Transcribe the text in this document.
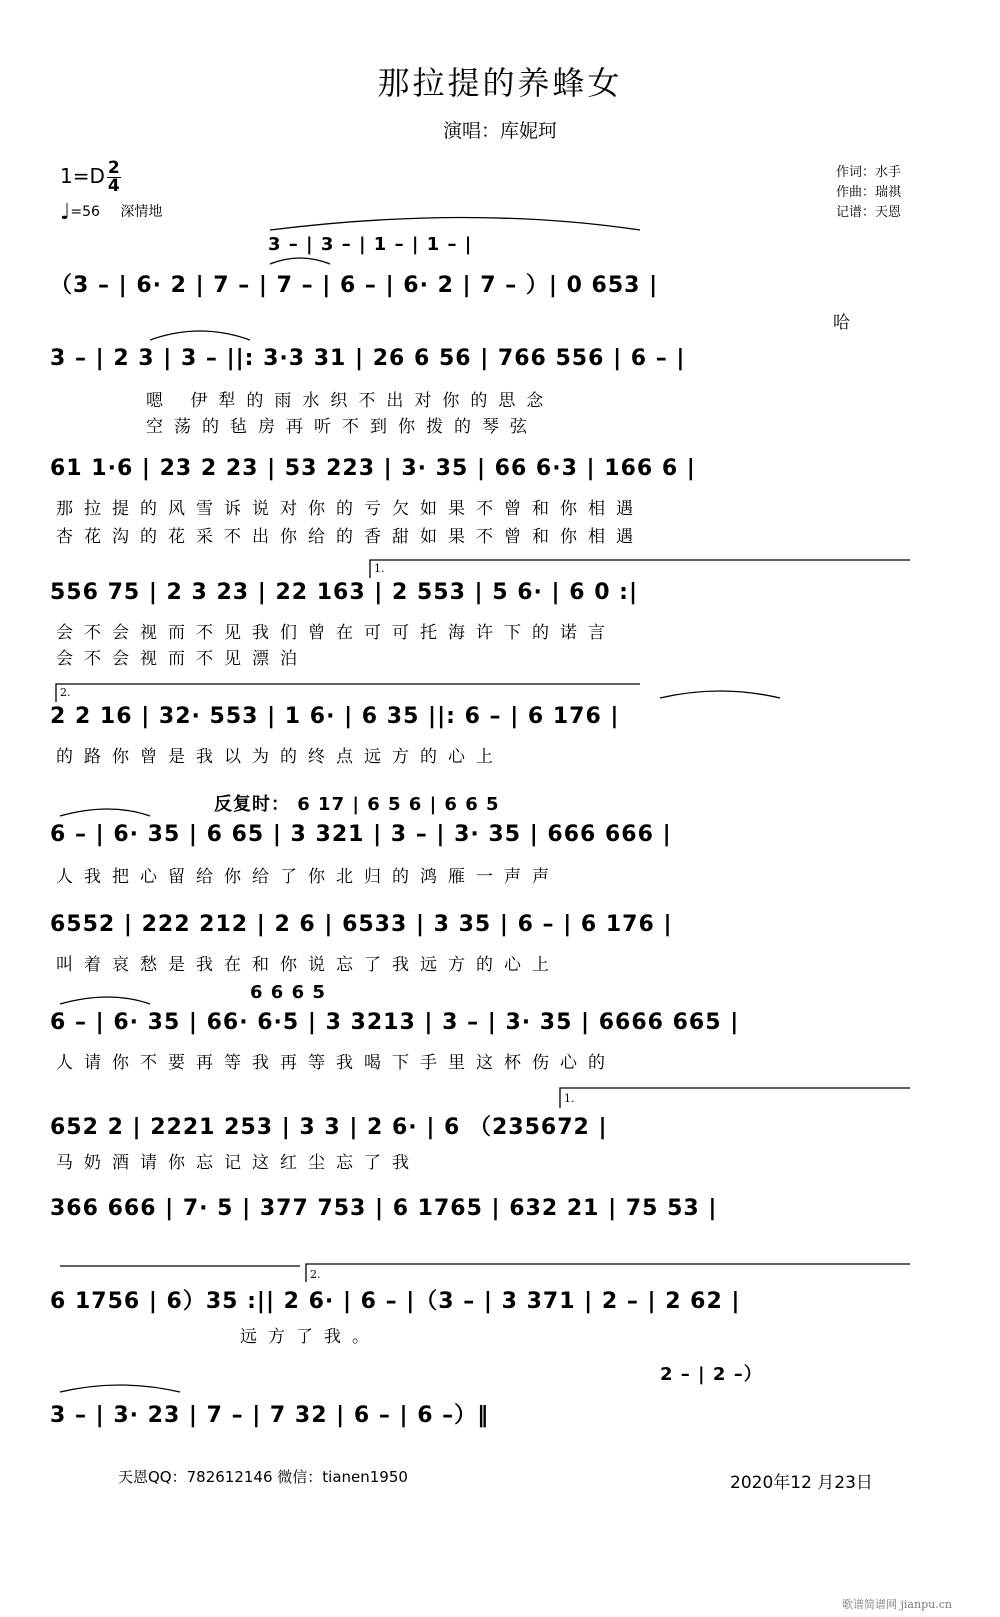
那拉提的养蜂女
演唱：库妮珂
$1=D \frac{2}{4}$
♩=56 深情地
作词：水手
作曲：瑞祺
记谱：天恩
3 – | 3 – | 1 – | 1 – |
（3 – | 6· 2 | 7 – | 7 – | 6 – | 6· 2 | 7 – ）| 0 653 |
哈
3 – | 2 3 | 3 – ||: 3·3 31 | 26 6 56 | 766 556 | 6 – |
嗯 伊犁的雨水织不出对你的思念
空荡的毡房再听不到你拨的琴弦
61 1·6 | 23 2 23 | 53 223 | 3· 35 | 66 6·3 | 166 6 |
那拉提的风雪诉说对你的亏欠如果不曾和你相遇
杏花沟的花采不出你给的香甜如果不曾和你相遇
556 75 | 2 3 23 | 22 163 | 2 553 | 5 6· | 6 0 :|
会不会视而不见我们曾在可可托海许下的诺言
会不会视而不见漂泊
2 2 16 | 32· 553 | 1 6· | 6 35 ||: 6 – | 6 176 |
的路你曾是我以为的终点远方的心上
反复时： 6 17 | 6 5 6 | 6 6 5
6 – | 6· 35 | 6 65 | 3 321 | 3 – | 3· 35 | 666 666 |
人我把心留给你给了你北归的鸿雁一声声
6552 | 222 212 | 2 6 | 6533 | 3 35 | 6 – | 6 176 |
叫着哀愁是我在和你说忘了我远方的心上
6 6 6 5
6 – | 6· 35 | 66· 6·5 | 3 3213 | 3 – | 3· 35 | 6666 665 |
人请你不要再等我再等我喝下手里这杯伤心的
652 2 | 2221 253 | 3 3 | 2 6· | 6 （235672 |
马奶酒请你忘记这红尘忘了我
366 666 | 7· 5 | 377 753 | 6 1765 | 632 21 | 75 53 |
6 1756 | 6）35 :|| 2 6· | 6 – |（3 – | 3 371 | 2 – | 2 62 |
远方了我。
2 – | 2 –）
3 – | 3· 23 | 7 – | 7 32 | 6 – | 6 –）‖
1.
2.
1.
2.
天恩QQ：782612146 微信：tianen1950	2020年12 月23日
歌谱简谱网 jianpu.cn
